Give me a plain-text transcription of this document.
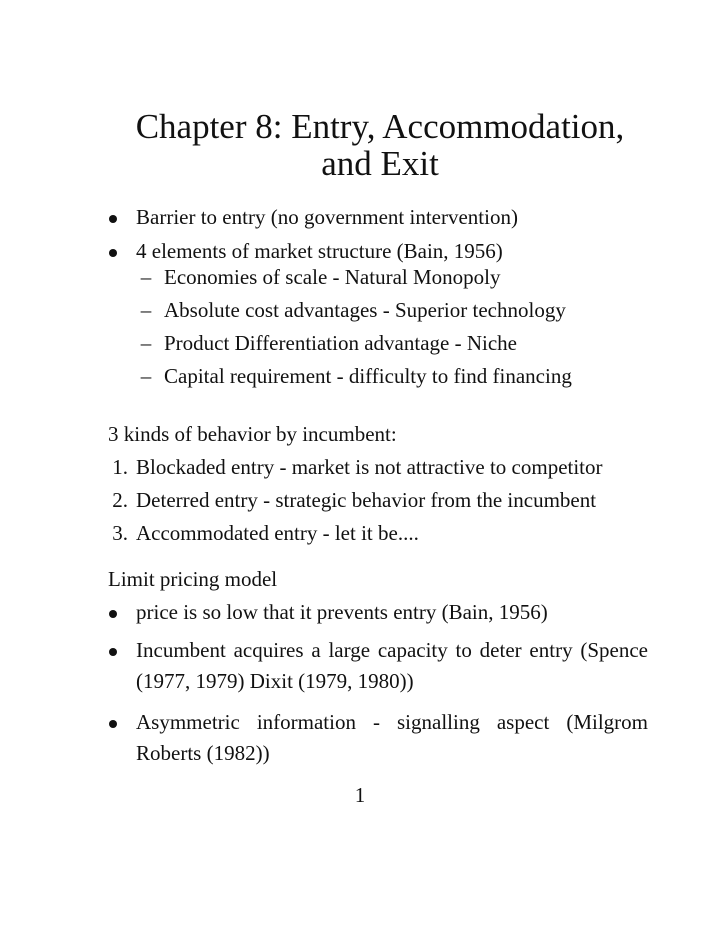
Chapter 8: Entry, Accommodation,
and Exit
Barrier to entry (no government intervention)
4 elements of market structure (Bain, 1956)
– Economies of scale - Natural Monopoly
– Absolute cost advantages - Superior technology
– Product Differentiation advantage - Niche
– Capital requirement - difficulty to find financing
3 kinds of behavior by incumbent:
1. Blockaded entry - market is not attractive to competitor
2. Deterred entry - strategic behavior from the incumbent
3. Accommodated entry - let it be....
Limit pricing model
price is so low that it prevents entry (Bain, 1956)
Incumbent acquires a large capacity to deter entry (Spence (1977, 1979) Dixit (1979, 1980))
Asymmetric information - signalling aspect (Milgrom Roberts (1982))
1
